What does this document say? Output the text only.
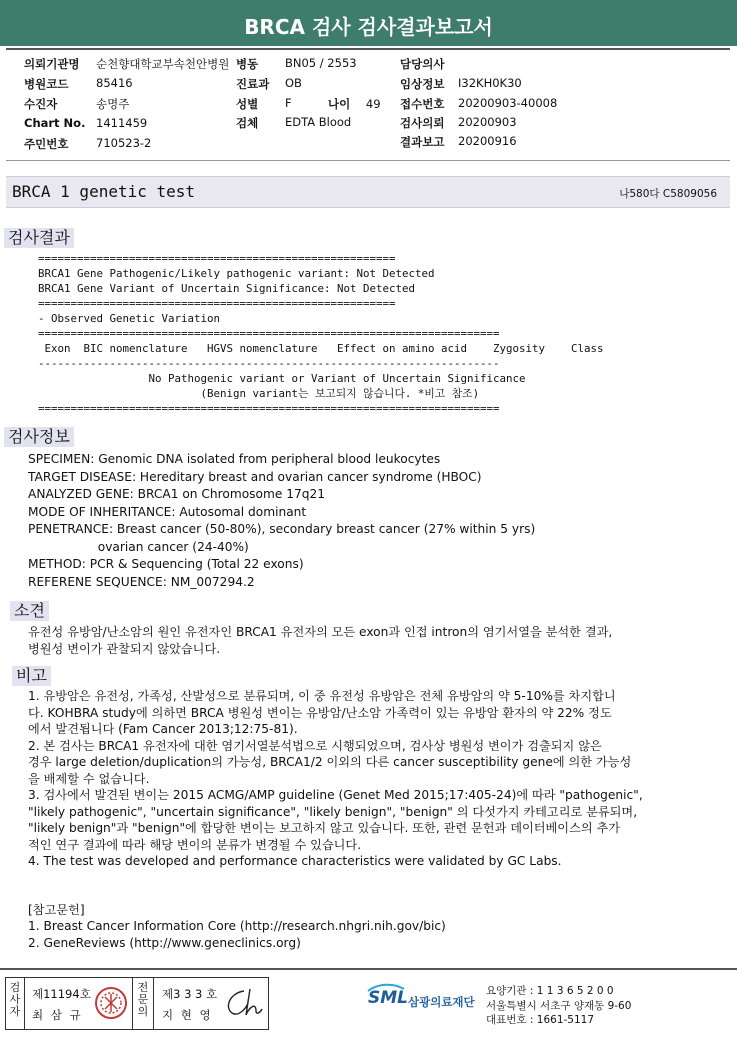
BRCA 검사 검사결과보고서
나이 49
BRCA 1 genetic test	나580다 C5809056
검사결과
=======================================================
BRCA1 Gene Pathogenic/Likely pathogenic variant: Not Detected
BRCA1 Gene Variant of Uncertain Significance: Not Detected
=======================================================
- Observed Genetic Variation
=======================================================================
Exon  BIC nomenclature   HGVS nomenclature   Effect on amino acid    Zygosity    Class
-----------------------------------------------------------------------
No Pathogenic variant or Variant of Uncertain Significance
(Benign variant는 보고되지 않습니다. *비고 참조)
=======================================================================
검사정보
SPECIMEN: Genomic DNA isolated from peripheral blood leukocytes
TARGET DISEASE: Hereditary breast and ovarian cancer syndrome (HBOC)
ANALYZED GENE: BRCA1 on Chromosome 17q21
MODE OF INHERITANCE: Autosomal dominant
PENETRANCE: Breast cancer (50-80%), secondary breast cancer (27% within 5 yrs)
ovarian cancer (24-40%)
METHOD: PCR & Sequencing (Total 22 exons)
REFERENE SEQUENCE: NM_007294.2
소견
유전성 유방암/난소암의 원인 유전자인 BRCA1 유전자의 모든 exon과 인접 intron의 염기서열을 분석한 결과,
병원성 변이가 관찰되지 않았습니다.
비고
1. 유방암은 유전성, 가족성, 산발성으로 분류되며, 이 중 유전성 유방암은 전체 유방암의 약 5-10%를 차지합니
다. KOHBRA study에 의하면 BRCA 병원성 변이는 유방암/난소암 가족력이 있는 유방암 환자의 약 22% 정도
에서 발견됩니다 (Fam Cancer 2013;12:75-81).
2. 본 검사는 BRCA1 유전자에 대한 염기서열분석법으로 시행되었으며, 검사상 병원성 변이가 검출되지 않은
경우 large deletion/duplication의 가능성, BRCA1/2 이외의 다른 cancer susceptibility gene에 의한 가능성
을 배제할 수 없습니다.
3. 검사에서 발견된 변이는 2015 ACMG/AMP guideline (Genet Med 2015;17:405-24)에 따라 "pathogenic",
"likely pathogenic", "uncertain significance", "likely benign", "benign" 의 다섯가지 카테고리로 분류되며,
"likely benign"과 "benign"에 합당한 변이는 보고하지 않고 있습니다. 또한, 관련 문헌과 데이터베이스의 추가
적인 연구 결과에 따라 해당 변이의 분류가 변경될 수 있습니다.
4. The test was developed and performance characteristics were validated by GC Labs.
[참고문헌]
1. Breast Cancer Information Core (http://research.nhgri.nih.gov/bic)
2. GeneReviews (http://www.geneclinics.org)
검
사
자
제11194호
최 삼 규
전
문
의
제3 3 3 호
지 현 영
SML 삼광의료재단
요양기관 : 1 1 3 6 5 2 0 0
서울특별시 서초구 양재동 9-60
대표번호 : 1661-5117
의뢰기관명 순천향대학교부속천안병원
병원코드 85416
수진자	송명주
Chart No. 1411459
주민번호 710523-2
병동 BN05 / 2553
진료과 OB
성별 F
검체 EDTA Blood
담당의사
임상정보 I32KH0K30
접수번호 20200903-40008
검사의뢰 20200903
결과보고 20200916
